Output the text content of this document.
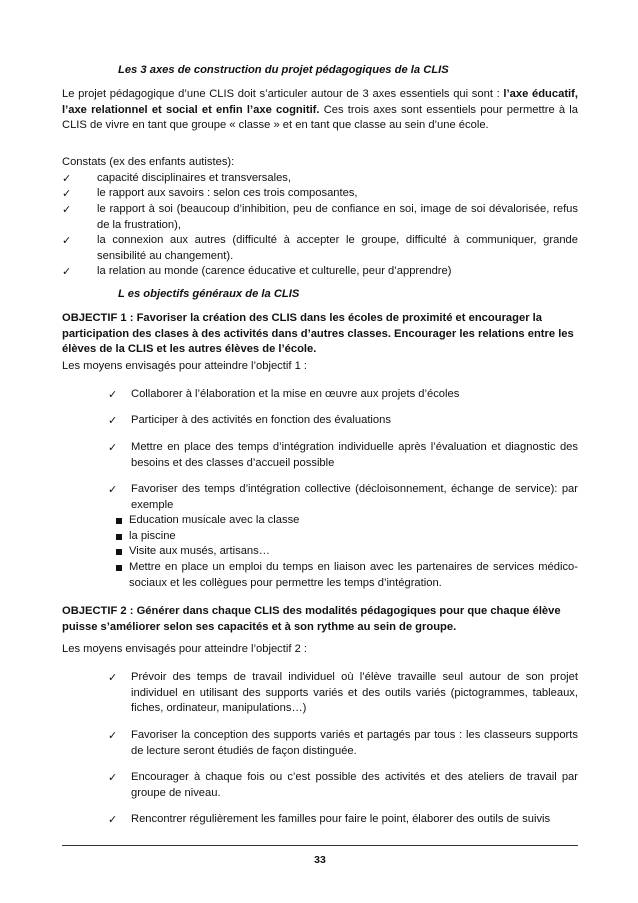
Les 3 axes de construction du projet pédagogiques de la CLIS
Le projet pédagogique d’une CLIS doit s’articuler autour de 3 axes essentiels qui sont : l’axe éducatif, l’axe relationnel et social et enfin l’axe cognitif. Ces trois axes sont essentiels pour permettre à la CLIS de vivre en tant que groupe « classe » et en tant que classe au sein d’une école.
Constats (ex des enfants autistes):
✓	capacité disciplinaires et transversales,
✓	le rapport aux savoirs : selon ces trois composantes,
✓	le rapport à soi (beaucoup d’inhibition, peu de confiance en soi, image de soi dévalorisée, refus de la frustration),
✓	la connexion aux autres (difficulté à accepter le groupe, difficulté à communiquer, grande sensibilité au changement).
✓	la relation au monde (carence éducative et culturelle, peur d’apprendre)
L es objectifs généraux de la CLIS
OBJECTIF 1 : Favoriser la création des CLIS dans les écoles de proximité et encourager la participation des clases à des activités dans d’autres classes. Encourager les relations entre les élèves de la CLIS et les autres élèves de l’école.
Les moyens envisagés pour atteindre l’objectif 1 :
✓	Collaborer à l’élaboration et la mise en œuvre aux projets d’écoles
✓	Participer à des activités en fonction des évaluations
✓	Mettre en place des temps d’intégration individuelle après l’évaluation et diagnostic des besoins et des classes d’accueil possible
✓	Favoriser des temps d’intégration collective (décloisonnement, échange de service): par exemple
Education musicale avec la classe
la piscine
Visite aux musés, artisans…
Mettre en place un emploi du temps en liaison avec les partenaires de services médico-sociaux et les collègues pour permettre les temps d’intégration.
OBJECTIF 2 : Générer dans chaque CLIS des modalités pédagogiques pour que chaque élève puisse s’améliorer selon ses capacités et à son rythme au sein de groupe.
Les moyens envisagés pour atteindre l’objectif 2 :
✓	Prévoir des temps de travail individuel où l’élève travaille seul autour de son projet individuel en utilisant des supports variés et des outils variés (pictogrammes, tableaux, fiches, ordinateur, manipulations…)
✓	Favoriser la conception des supports variés et partagés par tous : les classeurs supports de lecture seront étudiés de façon distinguée.
✓	Encourager à chaque fois ou c’est possible des activités et des ateliers de travail par groupe de niveau.
✓	Rencontrer régulièrement les familles pour faire le point, élaborer des outils de suivis
33
